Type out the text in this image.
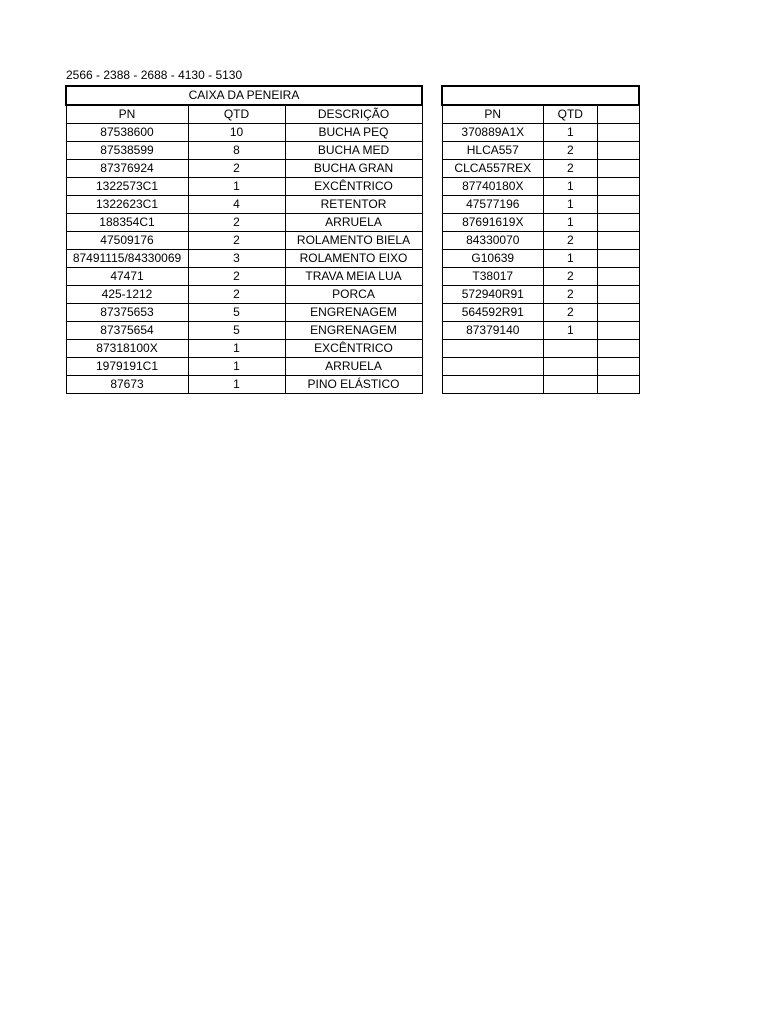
2566 - 2388 - 2688 - 4130 - 5130
CAIXA DA PENEIRA		
PN	QTD	DESCRIÇÃO
87538600	10	BUCHA PEQ
87538599	8	BUCHA MED
87376924	2	BUCHA GRAN
1322573C1	1	EXCÊNTRICO
1322623C1	4	RETENTOR
188354C1	2	ARRUELA
47509176	2	ROLAMENTO BIELA
87491115/84330069	3	ROLAMENTO EIXO
47471	2	TRAVA MEIA LUA
425-1212	2	PORCA
87375653	5	ENGRENAGEM
87375654	5	ENGRENAGEM
87318100X	1	EXCÊNTRICO
1979191C1	1	ARRUELA
87673	1	PINO ELÁSTICO

PN	QTD	
370889A1X	1	
HLCA557	2	
CLCA557REX	2	
87740180X	1	
47577196	1	
87691619X	1	
84330070	2	
G10639	1	
T38017	2	
572940R91	2	
564592R91	2	
87379140	1	
